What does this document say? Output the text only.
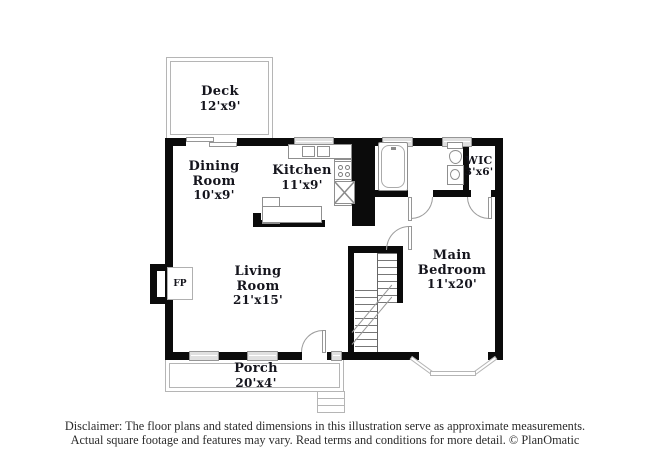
FP
Deck
12'x9'
Dining Room
10'x9'
Kitchen
11'x9'
WIC
3'x6'
Main Bedroom
11'x20'
Living Room
21'x15'
Porch
20'x4'
Disclaimer: The floor plans and stated dimensions in this illustration serve as approximate measurements.
Actual square footage and features may vary. Read terms and conditions for more detail. © PlanOmatic
